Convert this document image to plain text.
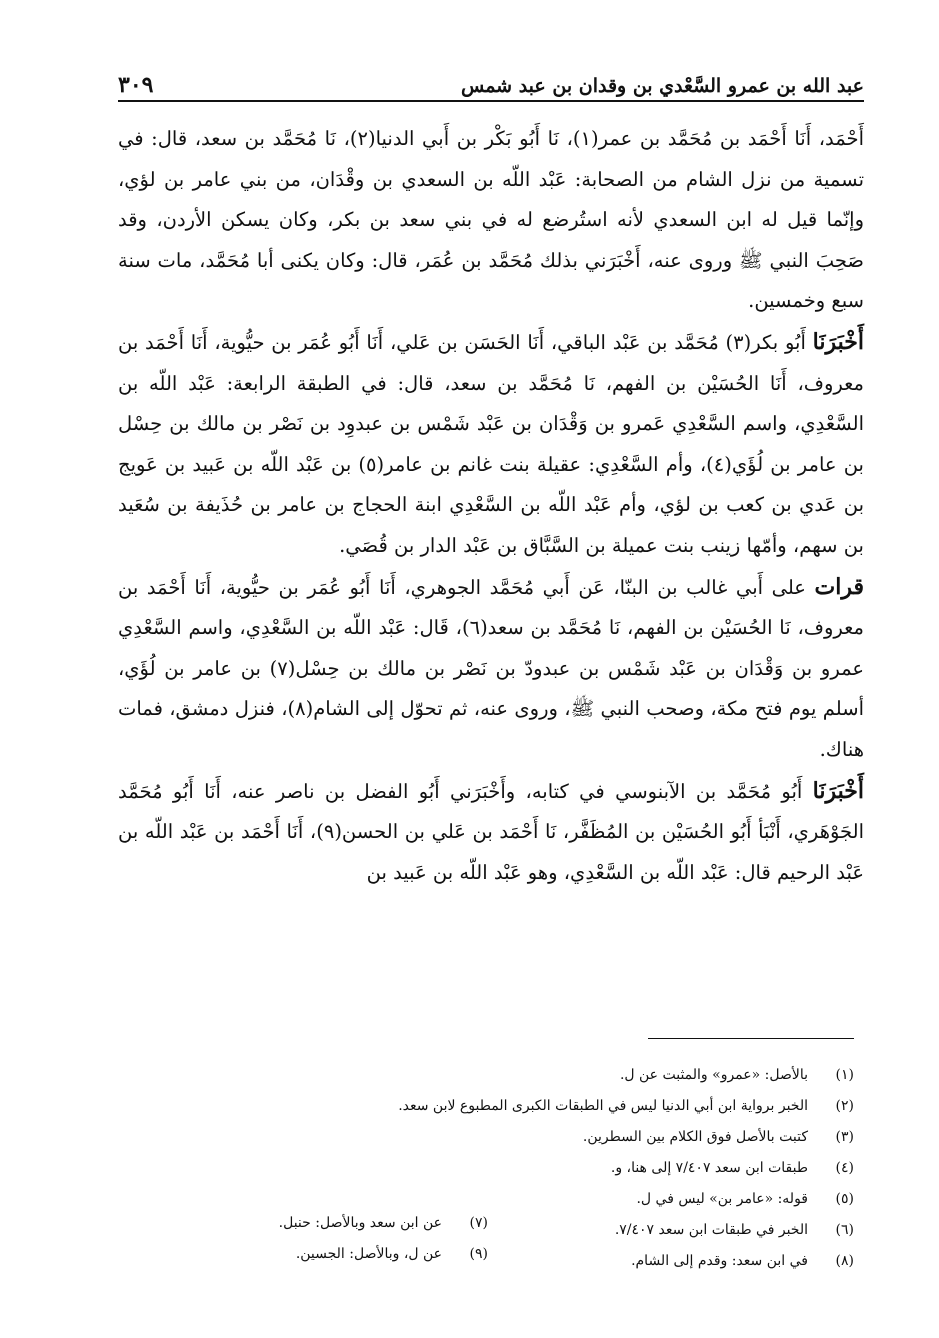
عبد الله بن عمرو السَّعْدي بن وقدان بن عبد شمس
٣٠٩

أَحْمَد، أَنَا أَحْمَد بن مُحَمَّد بن عمر(١)، نَا أَبُو بَكْر بن أَبي الدنيا(٢)، نَا مُحَمَّد بن سعد، قال: في تسمية من نزل الشام من الصحابة: عَبْد اللّه بن السعدي بن وقْدَان، من بني عامر بن لؤي، وإنّما قيل له ابن السعدي لأنه استُرضع له في بني سعد بن بكر، وكان يسكن الأردن، وقد صَحِبَ النبي ﷺ وروى عنه، أَخْبَرَني بذلك مُحَمَّد بن عُمَر، قال: وكان يكنى أبا مُحَمَّد، مات سنة سبع وخمسين.

أَخْبَرَنَا أَبُو بكر(٣) مُحَمَّد بن عَبْد الباقي، أَنَا الحَسَن بن عَلي، أَنَا أَبُو عُمَر بن حيُّوية، أَنَا أَحْمَد بن معروف، أَنَا الحُسَيْن بن الفهم، نَا مُحَمَّد بن سعد، قال: في الطبقة الرابعة: عَبْد اللّه بن السَّعْدِي، واسم السَّعْدِي عَمرو بن وَقْدَان بن عَبْد شَمْس بن عبدوِد بن نَصْر بن مالك بن حِسْل بن عامر بن لُؤَي(٤)، وأم السَّعْدِي: عقيلة بنت غانم بن عامر(٥) بن عَبْد اللّه بن عَبيد بن عَويج بن عَدي بن كعب بن لؤي، وأم عَبْد اللّه بن السَّعْدِي ابنة الحجاج بن عامر بن حُذَيفة بن سُعَيد بن سهم، وأمّها زينب بنت عميلة بن السَّبَّاق بن عَبْد الدار بن قُصَي.

قرات على أَبي غالب بن البنّا، عَن أَبي مُحَمَّد الجوهري، أَنَا أَبُو عُمَر بن حيُّوية، أَنَا أَحْمَد بن معروف، نَا الحُسَيْن بن الفهم، نَا مُحَمَّد بن سعد(٦)، قَال: عَبْد اللّه بن السَّعْدِي، واسم السَّعْدِي عمرو بن وَقْدَان بن عَبْد شَمْس بن عبدودّ بن نَصْر بن مالك بن حِسْل(٧) بن عامر بن لُؤَي، أسلم يوم فتح مكة، وصحب النبي ﷺ، وروى عنه، ثم تحوّل إلى الشام(٨)، فنزل دمشق، فمات هناك.

أَخْبَرَنَا أَبُو مُحَمَّد بن الآبنوسي في كتابه، وأَخْبَرَني أَبُو الفضل بن ناصر عنه، أَنَا أَبُو مُحَمَّد الجَوْهَري، أَنْبَأ أَبُو الحُسَيْن بن المُظَفَّر، نَا أَحْمَد بن عَلي بن الحسن(٩)، أَنَا أَحْمَد بن عَبْد اللّه بن عَبْد الرحيم قال: عَبْد اللّه بن السَّعْدِي، وهو عَبْد اللّه بن عَبيد بن

(١)
بالأصل: «عمرو» والمثبت عن ل.
(٢)
الخبر برواية ابن أبي الدنيا ليس في الطبقات الكبرى المطبوع لابن سعد.
(٣)
كتبت بالأصل فوق الكلام بين السطرين.
(٤)
طبقات ابن سعد ٧/٤٠٧ إلى هنا، و.
(٥)
قوله: «عامر بن» ليس في ل.
(٦)
الخبر في طبقات ابن سعد ٧/٤٠٧.
(٨)
في ابن سعد: وقدم إلى الشام.
(٧)
عن ابن سعد وبالأصل: حنبل.
(٩)
عن ل، وبالأصل: الجسين.
